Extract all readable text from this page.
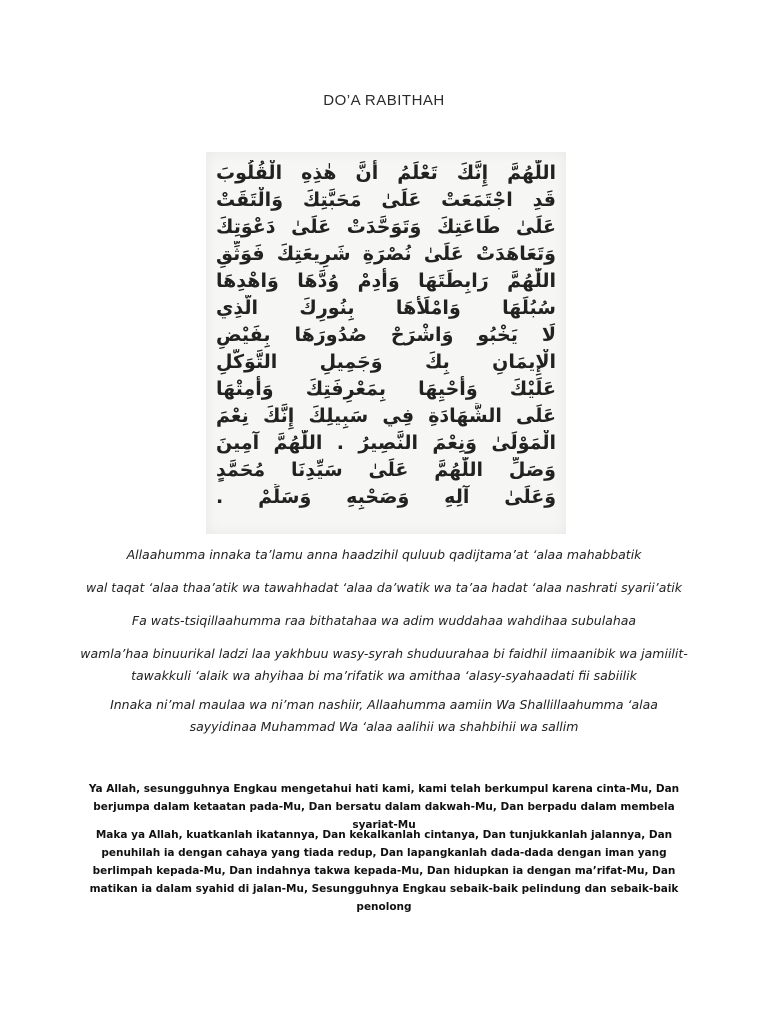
DO’A RABITHAH
اللّٰهُمَّ إِنَّكَ تَعْلَمُ أَنَّ هٰذِهِ الْقُلُوبَ
قَدِ اجْتَمَعَتْ عَلَىٰ مَحَبَّتِكَ وَالْتَقَتْ
عَلَىٰ طَاعَتِكَ وَتَوَحَّدَتْ عَلَىٰ دَعْوَتِكَ
وَتَعَاهَدَتْ عَلَىٰ نُصْرَةِ شَرِيعَتِكَ فَوَثِّقِ
اللّٰهُمَّ رَابِطَتَهَا وَأَدِمْ وُدَّهَا وَاهْدِهَا
سُبُلَهَا وَامْلَأْهَا بِنُورِكَ الَّذِي
لَا يَخْبُو وَاشْرَحْ صُدُورَهَا بِفَيْضِ
الْإِيمَانِ بِكَ وَجَمِيلِ التَّوَكُّلِ
عَلَيْكَ وَأَحْيِهَا بِمَعْرِفَتِكَ وَأَمِتْهَا
عَلَى الشَّهَادَةِ فِي سَبِيلِكَ إِنَّكَ نِعْمَ
الْمَوْلَىٰ وَنِعْمَ النَّصِيرُ . اللّٰهُمَّ آمِينَ
وَصَلِّ اللّٰهُمَّ عَلَىٰ سَيِّدِنَا مُحَمَّدٍ
وَعَلَىٰ آلِهِ وَصَحْبِهِ وَسَلِّمْ .
Allaahumma innaka ta’lamu anna haadzihil quluub qadijtama’at ‘alaa mahabbatik
wal taqat ‘alaa thaa’atik wa tawahhadat ‘alaa da’watik wa ta’aa hadat ‘alaa nashrati syarii’atik
Fa wats-tsiqillaahumma raa bithatahaa wa adim wuddahaa wahdihaa subulahaa
wamla’haa binuurikal ladzi laa yakhbuu wasy-syrah shuduurahaa bi faidhil iimaanibik wa jamiilit-tawakkuli ‘alaik wa ahyihaa bi ma’rifatik wa amithaa ‘alasy-syahaadati fii sabiilik
Innaka ni’mal maulaa wa ni’man nashiir, Allaahumma aamiin Wa Shallillaahumma ‘alaa sayyidinaa Muhammad Wa ‘alaa aalihii wa shahbihii wa sallim
Ya Allah, sesungguhnya Engkau mengetahui hati kami, kami telah berkumpul karena cinta-Mu, Dan berjumpa dalam ketaatan pada-Mu, Dan bersatu dalam dakwah-Mu, Dan berpadu dalam membela syariat-Mu
Maka ya Allah, kuatkanlah ikatannya, Dan kekalkanlah cintanya, Dan tunjukkanlah jalannya, Dan penuhilah ia dengan cahaya yang tiada redup, Dan lapangkanlah dada-dada dengan iman yang berlimpah kepada-Mu, Dan indahnya takwa kepada-Mu, Dan hidupkan ia dengan ma’rifat-Mu, Dan matikan ia dalam syahid di jalan-Mu, Sesungguhnya Engkau sebaik-baik pelindung dan sebaik-baik penolong
